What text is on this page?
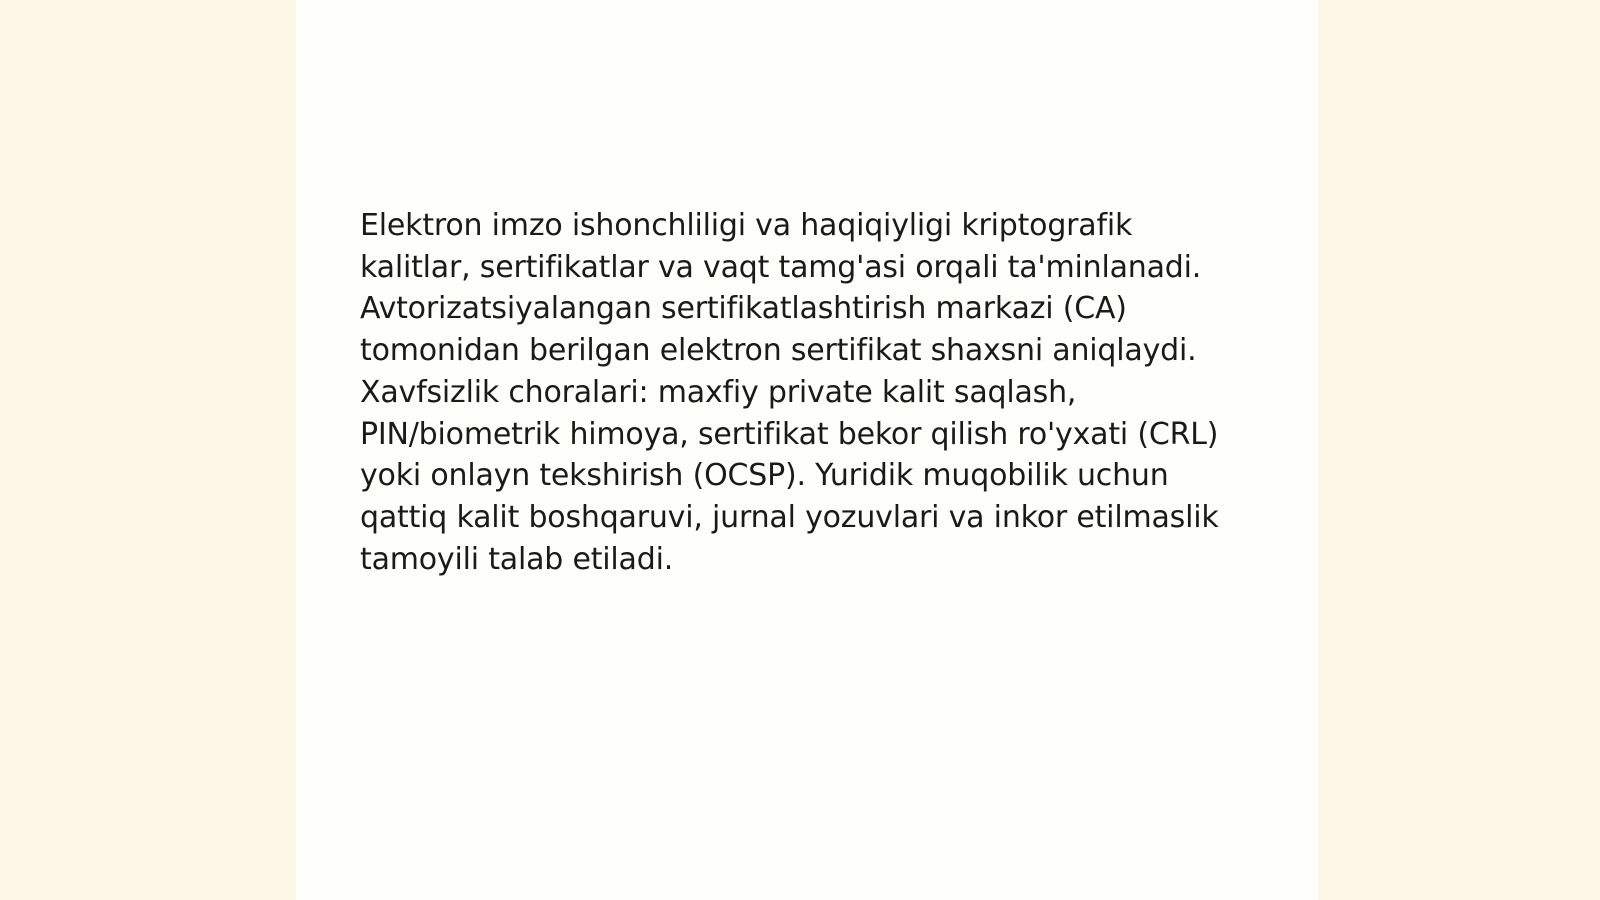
Elektron imzo ishonchliligi va haqiqiyligi kriptografik kalitlar, sertifikatlar va vaqt tamg'asi orqali ta'minlanadi. Avtorizatsiyalangan sertifikatlashtirish markazi (CA) tomonidan berilgan elektron sertifikat shaxsni aniqlaydi. Xavfsizlik choralari: maxfiy private kalit saqlash, PIN/biometrik himoya, sertifikat bekor qilish ro'yxati (CRL) yoki onlayn tekshirish (OCSP). Yuridik muqobilik uchun qattiq kalit boshqaruvi, jurnal yozuvlari va inkor etilmaslik tamoyili talab etiladi.
